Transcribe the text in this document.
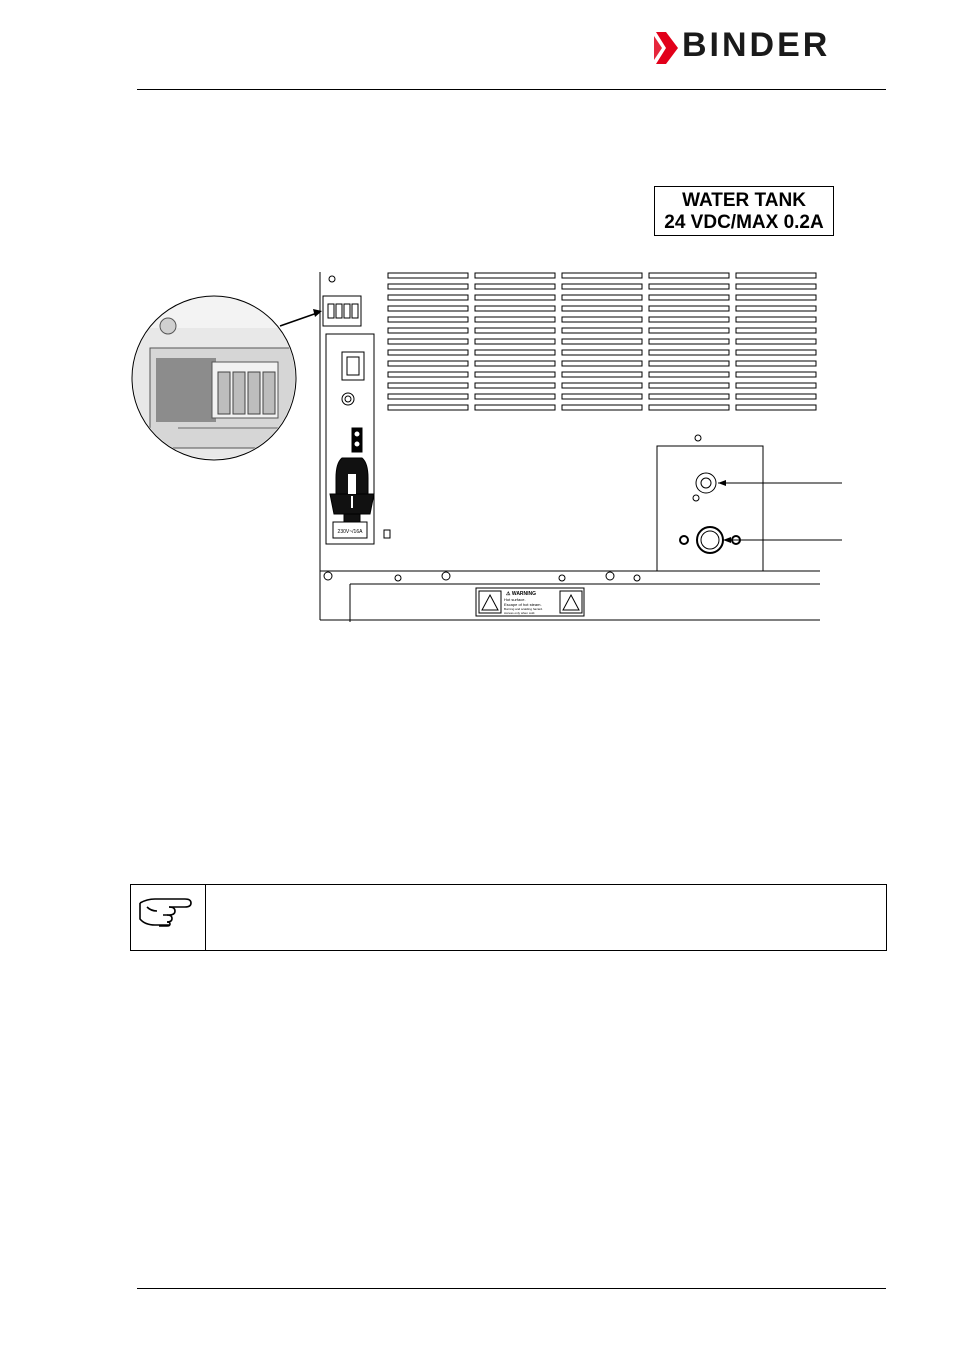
BINDER
WATER TANK
24 VDC/MAX 0.2A
230V~/16A
⚠ WARNING
Hot surface.
Escape of hot steam.
Burning and scalding hazard.
Access only when cold.
